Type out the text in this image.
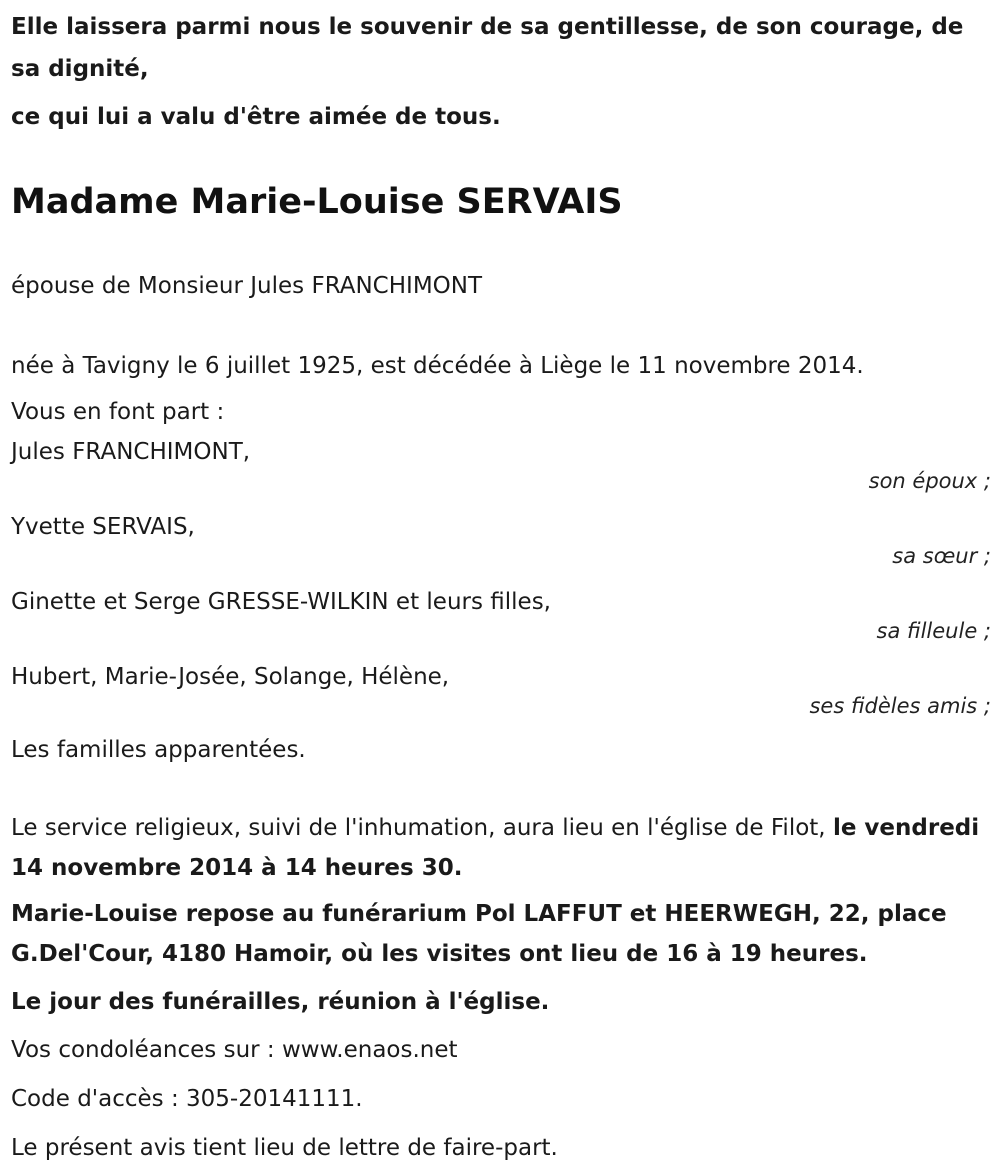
Elle laissera parmi nous le souvenir de sa gentillesse, de son courage, de sa dignité,

ce qui lui a valu d'être aimée de tous.

Madame Marie-Louise SERVAIS

épouse de Monsieur Jules FRANCHIMONT

née à Tavigny le 6 juillet 1925, est décédée à Liège le 11 novembre 2014.

Vous en font part :

Jules FRANCHIMONT,

son époux ;

Yvette SERVAIS,

sa sœur ;

Ginette et Serge GRESSE-WILKIN et leurs filles,

sa filleule ;

Hubert, Marie-Josée, Solange, Hélène,

ses fidèles amis ;

Les familles apparentées.

Le service religieux, suivi de l'inhumation, aura lieu en l'église de Filot, le vendredi 14 novembre 2014 à 14 heures 30.

Marie-Louise repose au funérarium Pol LAFFUT et HEERWEGH, 22, place G.Del'Cour, 4180 Hamoir, où les visites ont lieu de 16 à 19 heures.

Le jour des funérailles, réunion à l'église.

Vos condoléances sur : www.enaos.net

Code d'accès : 305-20141111.

Le présent avis tient lieu de lettre de faire-part.
